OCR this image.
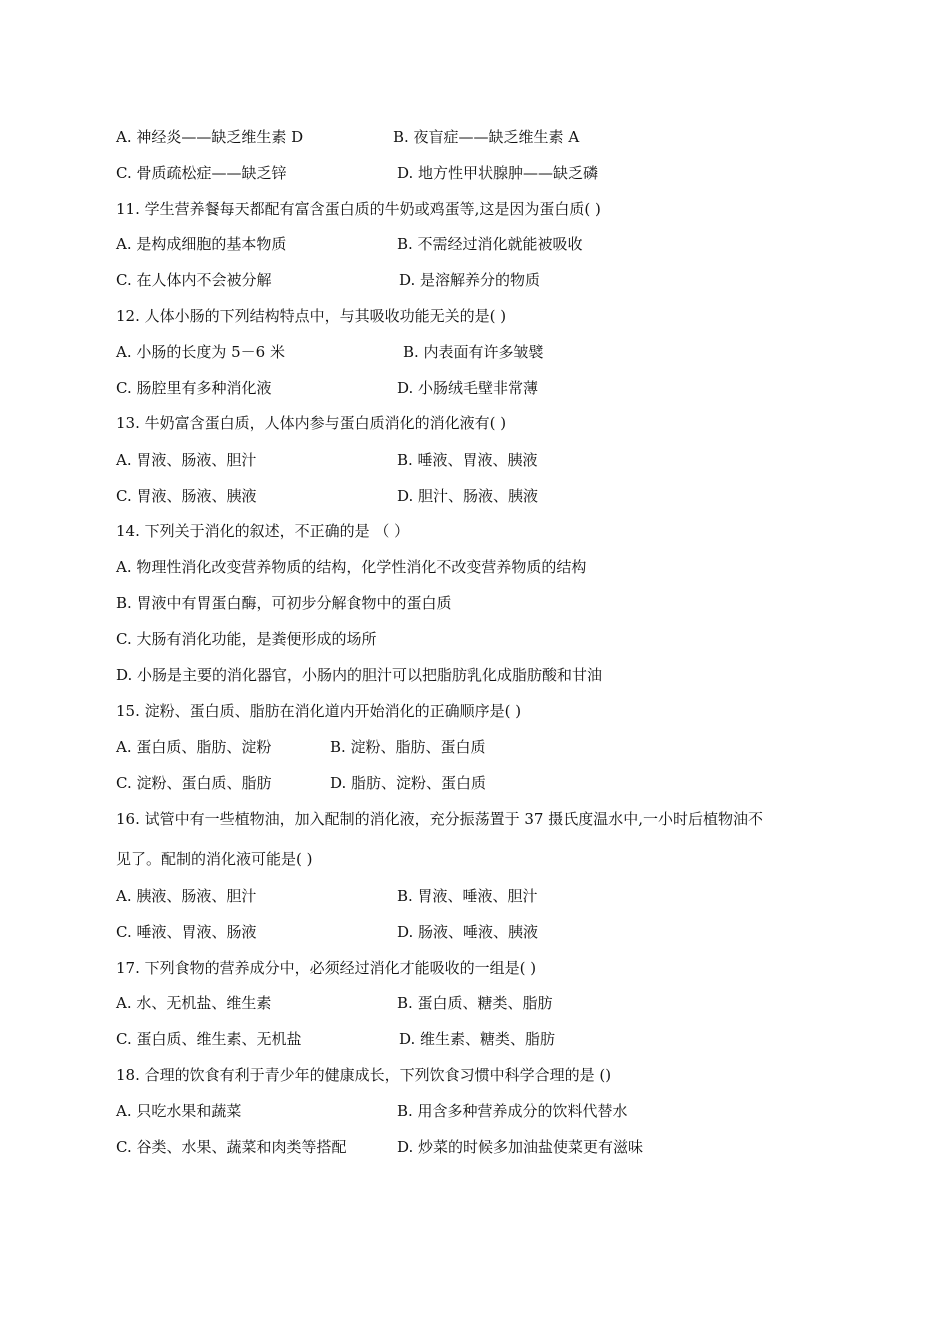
A. 神经炎——缺乏维生素 D	B. 夜盲症——缺乏维生素 A
C. 骨质疏松症——缺乏锌	D. 地方性甲状腺肿——缺乏磷
11. 学生营养餐每天都配有富含蛋白质的牛奶或鸡蛋等,这是因为蛋白质( )
A. 是构成细胞的基本物质	B. 不需经过消化就能被吸收
C. 在人体内不会被分解	D. 是溶解养分的物质
12. 人体小肠的下列结构特点中，与其吸收功能无关的是( )
A. 小肠的长度为 5－6 米	B. 内表面有许多皱襞
C. 肠腔里有多种消化液	D. 小肠绒毛壁非常薄
13. 牛奶富含蛋白质，人体内参与蛋白质消化的消化液有( )
A. 胃液、肠液、胆汁	B. 唾液、胃液、胰液
C. 胃液、肠液、胰液	D. 胆汁、肠液、胰液
14. 下列关于消化的叙述，不正确的是 （ ）
A. 物理性消化改变营养物质的结构，化学性消化不改变营养物质的结构
B. 胃液中有胃蛋白酶，可初步分解食物中的蛋白质
C. 大肠有消化功能，是粪便形成的场所
D. 小肠是主要的消化器官，小肠内的胆汁可以把脂肪乳化成脂肪酸和甘油
15. 淀粉、蛋白质、脂肪在消化道内开始消化的正确顺序是( )
A. 蛋白质、脂肪、淀粉	B. 淀粉、脂肪、蛋白质
C. 淀粉、蛋白质、脂肪	D. 脂肪、淀粉、蛋白质
16. 试管中有一些植物油，加入配制的消化液，充分振荡置于 37 摄氏度温水中,一小时后植物油不
见了。配制的消化液可能是( )
A. 胰液、肠液、胆汁	B. 胃液、唾液、胆汁
C. 唾液、胃液、肠液	D. 肠液、唾液、胰液
17. 下列食物的营养成分中，必须经过消化才能吸收的一组是( )
A. 水、无机盐、维生素	B. 蛋白质、糖类、脂肪
C. 蛋白质、维生素、无机盐	D. 维生素、糖类、脂肪
18. 合理的饮食有利于青少年的健康成长，下列饮食习惯中科学合理的是 ()
A. 只吃水果和蔬菜	B. 用含多种营养成分的饮料代替水
C. 谷类、水果、蔬菜和肉类等搭配	D. 炒菜的时候多加油盐使菜更有滋味
